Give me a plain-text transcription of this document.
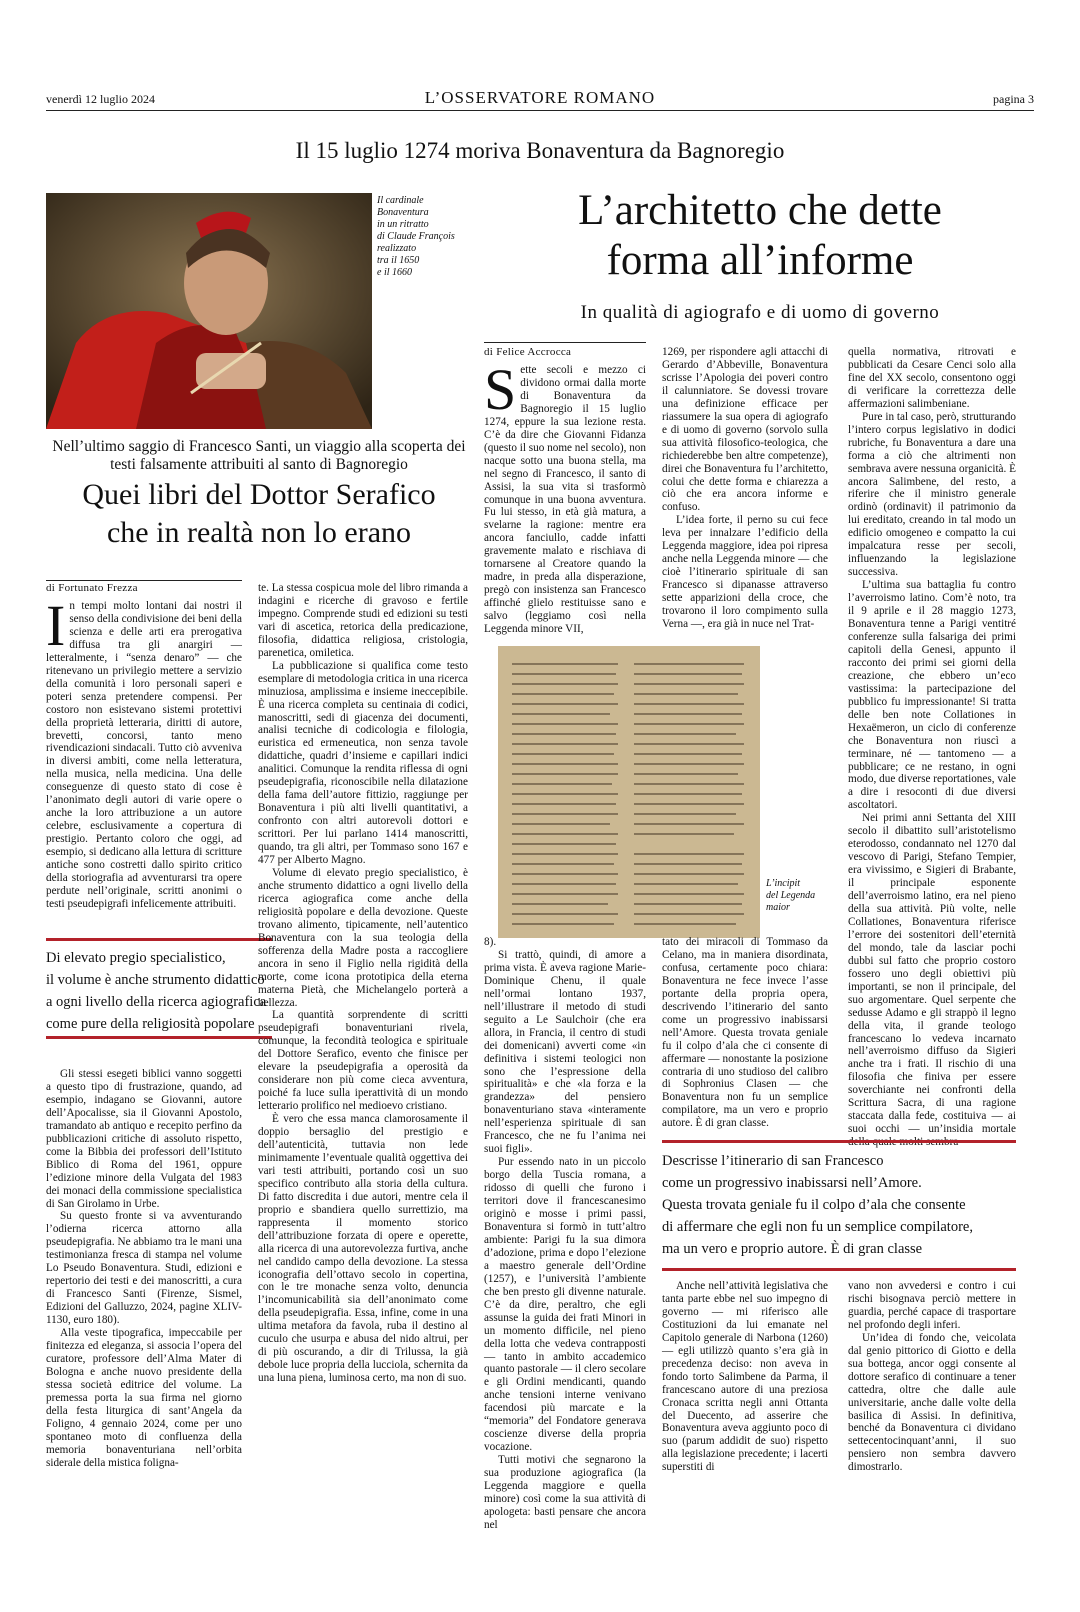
venerdì 12 luglio 2024	L’OSSERVATORE ROMANO	pagina 3
Il 15 luglio 1274 moriva Bonaventura da Bagnoregio
Il cardinale
Bonaventura
in un ritratto
di Claude François
realizzato
tra il 1650
e il 1660
L’architetto che dette
forma all’informe
In qualità di agiografo e di uomo di governo
Nell’ultimo saggio di Francesco Santi, un viaggio alla scoperta dei testi falsamente attribuiti al santo di Bagnoregio
Quei libri del Dottor Serafico
che in realtà non lo erano
di Fortunato Frezza
In tempi molto lontani dai nostri il senso della condivisione dei beni della scienza e delle arti era prerogativa diffusa tra gli anargiri — letteralmente, i “senza denaro” — che ritenevano un privilegio mettere a servizio della comunità i loro personali saperi e poteri senza pretendere compensi. Per costoro non esistevano sistemi protettivi della proprietà letteraria, diritti di autore, brevetti, concorsi, tanto meno rivendicazioni sindacali. Tutto ciò avveniva in diversi ambiti, come nella letteratura, nella musica, nella medicina. Una delle conseguenze di questo stato di cose è l’anonimato degli autori di varie opere o anche la loro attribuzione a un autore celebre, esclusivamente a copertura di prestigio. Pertanto coloro che oggi, ad esempio, si dedicano alla lettura di scritture antiche sono costretti dallo spirito critico della storiografia ad avventurarsi tra opere perdute nell’originale, scritti anonimi o testi pseudepigrafi infelicemente attribuiti.
Di elevato pregio specialistico,
il volume è anche strumento didattico
a ogni livello della ricerca agiografica
come pure della religiosità popolare

Gli stessi esegeti biblici vanno soggetti a questo tipo di frustrazione, quando, ad esempio, indagano se Giovanni, autore dell’Apocalisse, sia il Giovanni Apostolo, tramandato ab antiquo e recepito perfino da pubblicazioni critiche di assoluto rispetto, come la Bibbia dei professori dell’Istituto Biblico di Roma del 1961, oppure l’edizione minore della Vulgata del 1983 dei monaci della commissione specialistica di San Girolamo in Urbe.

Su questo fronte si va avventurando l’odierna ricerca attorno alla pseudepigrafia. Ne abbiamo tra le mani una testimonianza fresca di stampa nel volume Lo Pseudo Bonaventura. Studi, edizioni e repertorio dei testi e dei manoscritti, a cura di Francesco Santi (Firenze, Sismel, Edizioni del Galluzzo, 2024, pagine XLIV-1130, euro 180).

Alla veste tipografica, impeccabile per finitezza ed eleganza, si associa l’opera del curatore, professore dell’Alma Mater di Bologna e anche nuovo presidente della stessa società editrice del volume. La premessa porta la sua firma nel giorno della festa liturgica di sant’Angela da Foligno, 4 gennaio 2024, come per uno spontaneo moto di confluenza della memoria bonaventuriana nell’orbita siderale della mistica foligna-

te. La stessa cospicua mole del libro rimanda a indagini e ricerche di gravoso e fertile impegno. Comprende studi ed edizioni su testi vari di ascetica, retorica della predicazione, filosofia, didattica religiosa, cristologia, parenetica, omiletica.

La pubblicazione si qualifica come testo esemplare di metodologia critica in una ricerca minuziosa, amplissima e insieme ineccepibile. È una ricerca completa su centinaia di codici, manoscritti, sedi di giacenza dei documenti, analisi tecniche di codicologia e filologia, euristica ed ermeneutica, non senza tavole didattiche, quadri d’insieme e capillari indici analitici. Comunque la rendita riflessa di ogni pseudepigrafia, riconoscibile nella dilatazione della fama dell’autore fittizio, raggiunge per Bonaventura i più alti livelli quantitativi, a confronto con altri autorevoli dottori e scrittori. Per lui parlano 1414 manoscritti, quando, tra gli altri, per Tommaso sono 167 e 477 per Alberto Magno.

Volume di elevato pregio specialistico, è anche strumento didattico a ogni livello della ricerca agiografica come anche della religiosità popolare e della devozione. Queste trovano alimento, tipicamente, nell’autentico Bonaventura con la sua teologia della sofferenza della Madre posta a raccogliere ancora in seno il Figlio nella rigidità della morte, come icona prototipica della eterna materna Pietà, che Michelangelo porterà a bellezza.

La quantità sorprendente di scritti pseudepigrafi bonaventuriani rivela, comunque, la fecondità teologica e spirituale del Dottore Serafico, evento che finisce per elevare la pseudepigrafia a operosità da considerare non più come cieca avventura, poiché fa luce sulla iperattività di un mondo letterario prolifico nel medioevo cristiano.

È vero che essa manca clamorosamente il doppio bersaglio del prestigio e dell’autenticità, tuttavia non lede minimamente l’eventuale qualità oggettiva dei vari testi attribuiti, portando così un suo specifico contributo alla storia della cultura. Di fatto discredita i due autori, mentre cela il proprio e sbandiera quello surrettizio, ma rappresenta il momento storico dell’attribuzione forzata di opere e operette, alla ricerca di una autorevolezza furtiva, anche nel candido campo della devozione. La stessa iconografia dell’ottavo secolo in copertina, con le tre monache senza volto, denuncia l’incomunicabilità sia dell’anonimato come della pseudepigrafia. Essa, infine, come in una ultima metafora da favola, ruba il destino al cuculo che usurpa e abusa del nido altrui, per di più oscurando, a dir di Trilussa, la già debole luce propria della lucciola, schernita da una luna piena, luminosa certo, ma non di suo.

di Felice Accrocca
Sette secoli e mezzo ci dividono ormai dalla morte di Bonaventura da Bagnoregio il 15 luglio 1274, eppure la sua lezione resta. C’è da dire che Giovanni Fidanza (questo il suo nome nel secolo), non nacque sotto una buona stella, ma nel segno di Francesco, il santo di Assisi, la sua vita si trasformò comunque in una buona avventura. Fu lui stesso, in età già matura, a svelarne la ragione: mentre era ancora fanciullo, cadde infatti gravemente malato e rischiava di tornarsene al Creatore quando la madre, in preda alla disperazione, pregò con insistenza san Francesco affinché glielo restituisse sano e salvo (leggiamo così nella Leggenda minore VII,

1269, per rispondere agli attacchi di Gerardo d’Abbeville, Bonaventura scrisse l’Apologia dei poveri contro il calunniatore. Se dovessi trovare una definizione efficace per riassumere la sua opera di agiografo e di uomo di governo (sorvolo sulla sua attività filosofico-teologica, che richiederebbe ben altre competenze), direi che Bonaventura fu l’architetto, colui che dette forma e chiarezza a ciò che era ancora informe e confuso.

L’idea forte, il perno su cui fece leva per innalzare l’edificio della Leggenda maggiore, idea poi ripresa anche nella Leggenda minore — che cioè l’itinerario spirituale di san Francesco si dipanasse attraverso sette apparizioni della croce, che trovarono il loro compimento sulla Verna —, era già in nuce nel Trat-

L’incipit
del Legenda
maior

8).

Si trattò, quindi, di amore a prima vista. È aveva ragione Marie-Dominique Chenu, il quale nell’ormai lontano 1937, nell’illustrare il metodo di studi seguito a Le Saulchoir (che era allora, in Francia, il centro di studi dei domenicani) avverti come «in definitiva i sistemi teologici non sono che l’espressione della spiritualità» e che «la forza e la grandezza» del pensiero bonaventuriano stava «interamente nell’esperienza spirituale di san Francesco, che ne fu l’anima nei suoi figli».

Pur essendo nato in un piccolo borgo della Tuscia romana, a ridosso di quelli che furono i territori dove il francescanesimo originò e mosse i primi passi, Bonaventura si formò in tutt’altro ambiente: Parigi fu la sua dimora d’adozione, prima e dopo l’elezione a maestro generale dell’Ordine (1257), e l’università l’ambiente che ben presto gli divenne naturale. C’è da dire, peraltro, che egli assunse la guida dei frati Minori in un momento difficile, nel pieno della lotta che vedeva contrapposti — tanto in ambito accademico quanto pastorale — il clero secolare e gli Ordini mendicanti, quando anche tensioni interne venivano facendosi più marcate e la “memoria” del Fondatore generava coscienze diverse della propria vocazione.

Tutti motivi che segnarono la sua produzione agiografica (la Leggenda maggiore e quella minore) così come la sua attività di apologeta: basti pensare che ancora nel

tato dei miracoli di Tommaso da Celano, ma in maniera disordinata, confusa, certamente poco chiara: Bonaventura ne fece invece l’asse portante della propria opera, descrivendo l’itinerario del santo come un progressivo inabissarsi nell’Amore. Questa trovata geniale fu il colpo d’ala che ci consente di affermare — nonostante la posizione contraria di uno studioso del calibro di Sophronius Clasen — che Bonaventura non fu un semplice compilatore, ma un vero e proprio autore. È di gran classe.

quella normativa, ritrovati e pubblicati da Cesare Cenci solo alla fine del XX secolo, consentono oggi di verificare la correttezza delle affermazioni salimbeniane.

Pure in tal caso, però, strutturando l’intero corpus legislativo in dodici rubriche, fu Bonaventura a dare una forma a ciò che altrimenti non sembrava avere nessuna organicità. È ancora Salimbene, del resto, a riferire che il ministro generale ordinò (ordinavit) il patrimonio da lui ereditato, creando in tal modo un edificio omogeneo e compatto la cui impalcatura resse per secoli, influenzando la legislazione successiva.

L’ultima sua battaglia fu contro l’averroismo latino. Com’è noto, tra il 9 aprile e il 28 maggio 1273, Bonaventura tenne a Parigi ventitré conferenze sulla falsariga dei primi capitoli della Genesi, appunto il racconto dei primi sei giorni della creazione, che ebbero un’eco vastissima: la partecipazione del pubblico fu impressionante! Si tratta delle ben note Collationes in Hexaëmeron, un ciclo di conferenze che Bonaventura non riuscì a terminare, né — tantomeno — a pubblicare; ce ne restano, in ogni modo, due diverse reportationes, vale a dire i resoconti di due diversi ascoltatori.

Nei primi anni Settanta del XIII secolo il dibattito sull’aristotelismo eterodosso, condannato nel 1270 dal vescovo di Parigi, Stefano Tempier, era vivissimo, e Sigieri di Brabante, il principale esponente dell’averroismo latino, era nel pieno della sua attività. Più volte, nelle Collationes, Bonaventura riferisce l’errore dei sostenitori dell’eternità del mondo, tale da lasciar pochi dubbi sul fatto che proprio costoro fossero uno degli obiettivi più importanti, se non il principale, del suo argomentare. Quel serpente che sedusse Adamo e gli strappò il legno della vita, il grande teologo francescano lo vedeva incarnato nell’averroismo diffuso da Sigieri anche tra i frati. Il rischio di una filosofia che finiva per essere soverchiante nei confronti della Scrittura Sacra, di una ragione staccata dalla fede, costituiva — ai suoi occhi — un’insidia mortale

Descrisse l’itinerario di san Francesco
come un progressivo inabissarsi nell’Amore.
Questa trovata geniale fu il colpo d’ala che consente
di affermare che egli non fu un semplice compilatore,
ma un vero e proprio autore. È di gran classe

Anche nell’attività legislativa che tanta parte ebbe nel suo impegno di governo — mi riferisco alle Costituzioni da lui emanate nel Capitolo generale di Narbona (1260) — egli utilizzò quanto s’era già in precedenza deciso: non aveva in fondo torto Salimbene da Parma, il francescano autore di una preziosa Cronaca scritta negli anni Ottanta del Duecento, ad asserire che Bonaventura aveva aggiunto poco di suo (parum addidit de suo) rispetto alla legislazione precedente; i lacerti superstiti di

vano non avvedersi e contro i cui rischi bisognava perciò mettere in guardia, perché capace di trasportare nel profondo degli inferi.

Un’idea di fondo che, veicolata dal genio pittorico di Giotto e della sua bottega, ancor oggi consente al dottore serafico di continuare a tener cattedra, oltre che dalle aule universitarie, anche dalle volte della basilica di Assisi. In definitiva, benché da Bonaventura ci dividano settecentocinquant’anni, il suo pensiero non sembra davvero dimostrarlo.
